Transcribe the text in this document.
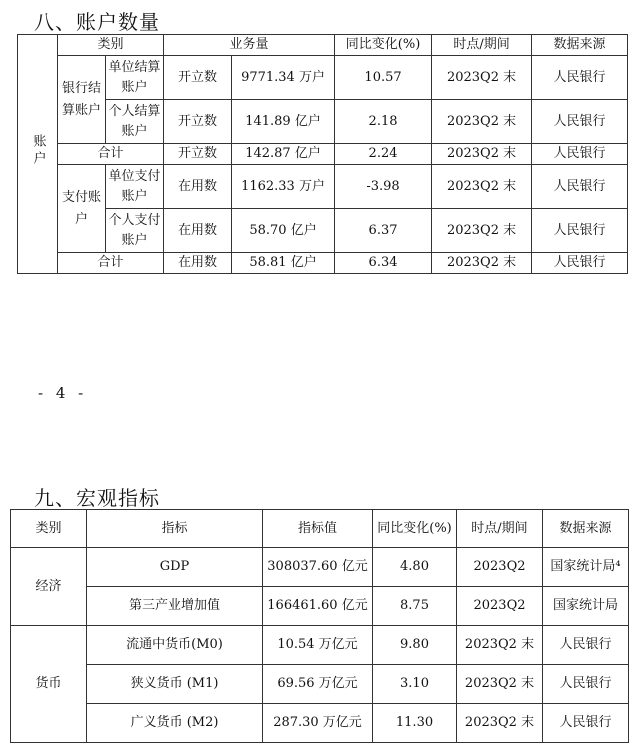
八、账户数量
账户	类别		业务量		同比变化(%)	时点/期间	数据来源
	银行结算账户	单位结算账户	开立数	9771.34 万户	10.57	2023Q2 末	人民银行
		个人结算账户	开立数	141.89 亿户	2.18	2023Q2 末	人民银行
	合计		开立数	142.87 亿户	2.24	2023Q2 末	人民银行
	支付账户	单位支付账户	在用数	1162.33 万户	-3.98	2023Q2 末	人民银行
		个人支付账户	在用数	58.70 亿户	6.37	2023Q2 末	人民银行
	合计		在用数	58.81 亿户	6.34	2023Q2 末	人民银行
- 4 -
九、宏观指标
类别	指标	指标值	同比变化(%)	时点/期间	数据来源
经济	GDP	308037.60 亿元	4.80	2023Q2	国家统计局⁴
	第三产业增加值	166461.60 亿元	8.75	2023Q2	国家统计局
货币	流通中货币(M0)	10.54 万亿元	9.80	2023Q2 末	人民银行
	狭义货币 (M1)	69.56 万亿元	3.10	2023Q2 末	人民银行
	广义货币 (M2)	287.30 万亿元	11.30	2023Q2 末	人民银行
